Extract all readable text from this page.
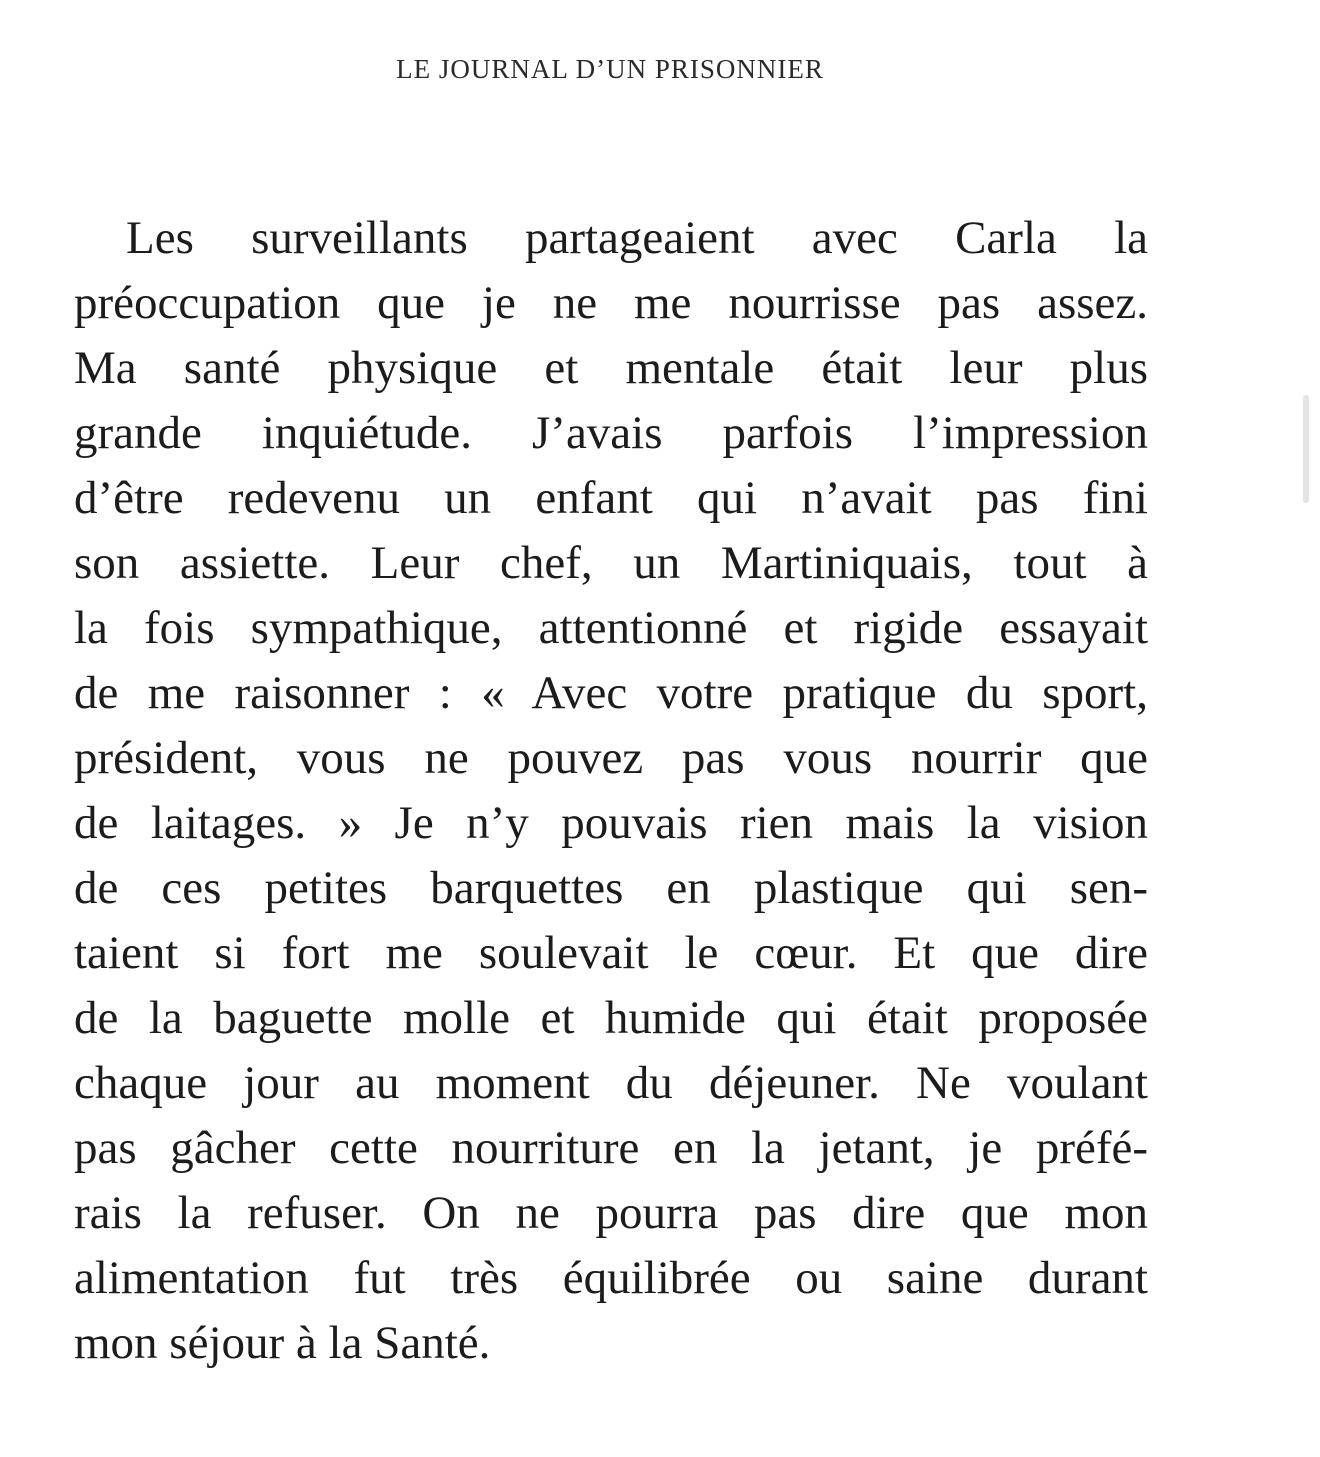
LE JOURNAL D’UN PRISONNIER
Les surveillants partageaient avec Carla la
préoccupation que je ne me nourrisse pas assez.
Ma santé physique et mentale était leur plus
grande inquiétude. J’avais parfois l’impression
d’être redevenu un enfant qui n’avait pas fini
son assiette. Leur chef, un Martiniquais, tout à
la fois sympathique, attentionné et rigide essayait
de me raisonner : « Avec votre pratique du sport,
président, vous ne pouvez pas vous nourrir que
de laitages. » Je n’y pouvais rien mais la vision
de ces petites barquettes en plastique qui sen-
taient si fort me soulevait le cœur. Et que dire
de la baguette molle et humide qui était proposée
chaque jour au moment du déjeuner. Ne voulant
pas gâcher cette nourriture en la jetant, je préfé-
rais la refuser. On ne pourra pas dire que mon
alimentation fut très équilibrée ou saine durant
mon séjour à la Santé.
